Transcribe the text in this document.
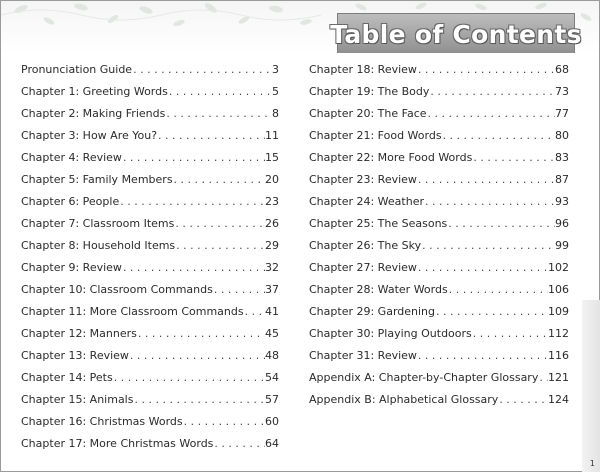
Table of Contents
Pronunciation Guide . . .	3
Chapter 1: Greeting Words . . .	5
Chapter 2: Making Friends . . .	8
Chapter 3: How Are You? . . .	11
Chapter 4: Review . . .	15
Chapter 5: Family Members . . .	20
Chapter 6: People . . .	23
Chapter 7: Classroom Items . . .	26
Chapter 8: Household Items . . .	29
Chapter 9: Review . . .	32
Chapter 10: Classroom Commands . . .	37
Chapter 11: More Classroom Commands . . . 41
Chapter 12: Manners . . .	45
Chapter 13: Review . . .	48
Chapter 14: Pets . . .	54
Chapter 15: Animals . . .	57
Chapter 16: Christmas Words . . .	60
Chapter 17: More Christmas Words . . .	64
Chapter 18: Review . . .	68
Chapter 19: The Body . . .	73
Chapter 20: The Face . . .	77
Chapter 21: Food Words . . .	80
Chapter 22: More Food Words . . .	83
Chapter 23: Review . . .	87
Chapter 24: Weather . . .	93
Chapter 25: The Seasons . . .	96
Chapter 26: The Sky . . .	99
Chapter 27: Review . . .	102
Chapter 28: Water Words . . .	106
Chapter 29: Gardening . . .	109
Chapter 30: Playing Outdoors . . .	112
Chapter 31: Review . . .	116
Appendix A: Chapter-by-Chapter Glossary . . . 121
Appendix B: Alphabetical Glossary . . .	124
1
